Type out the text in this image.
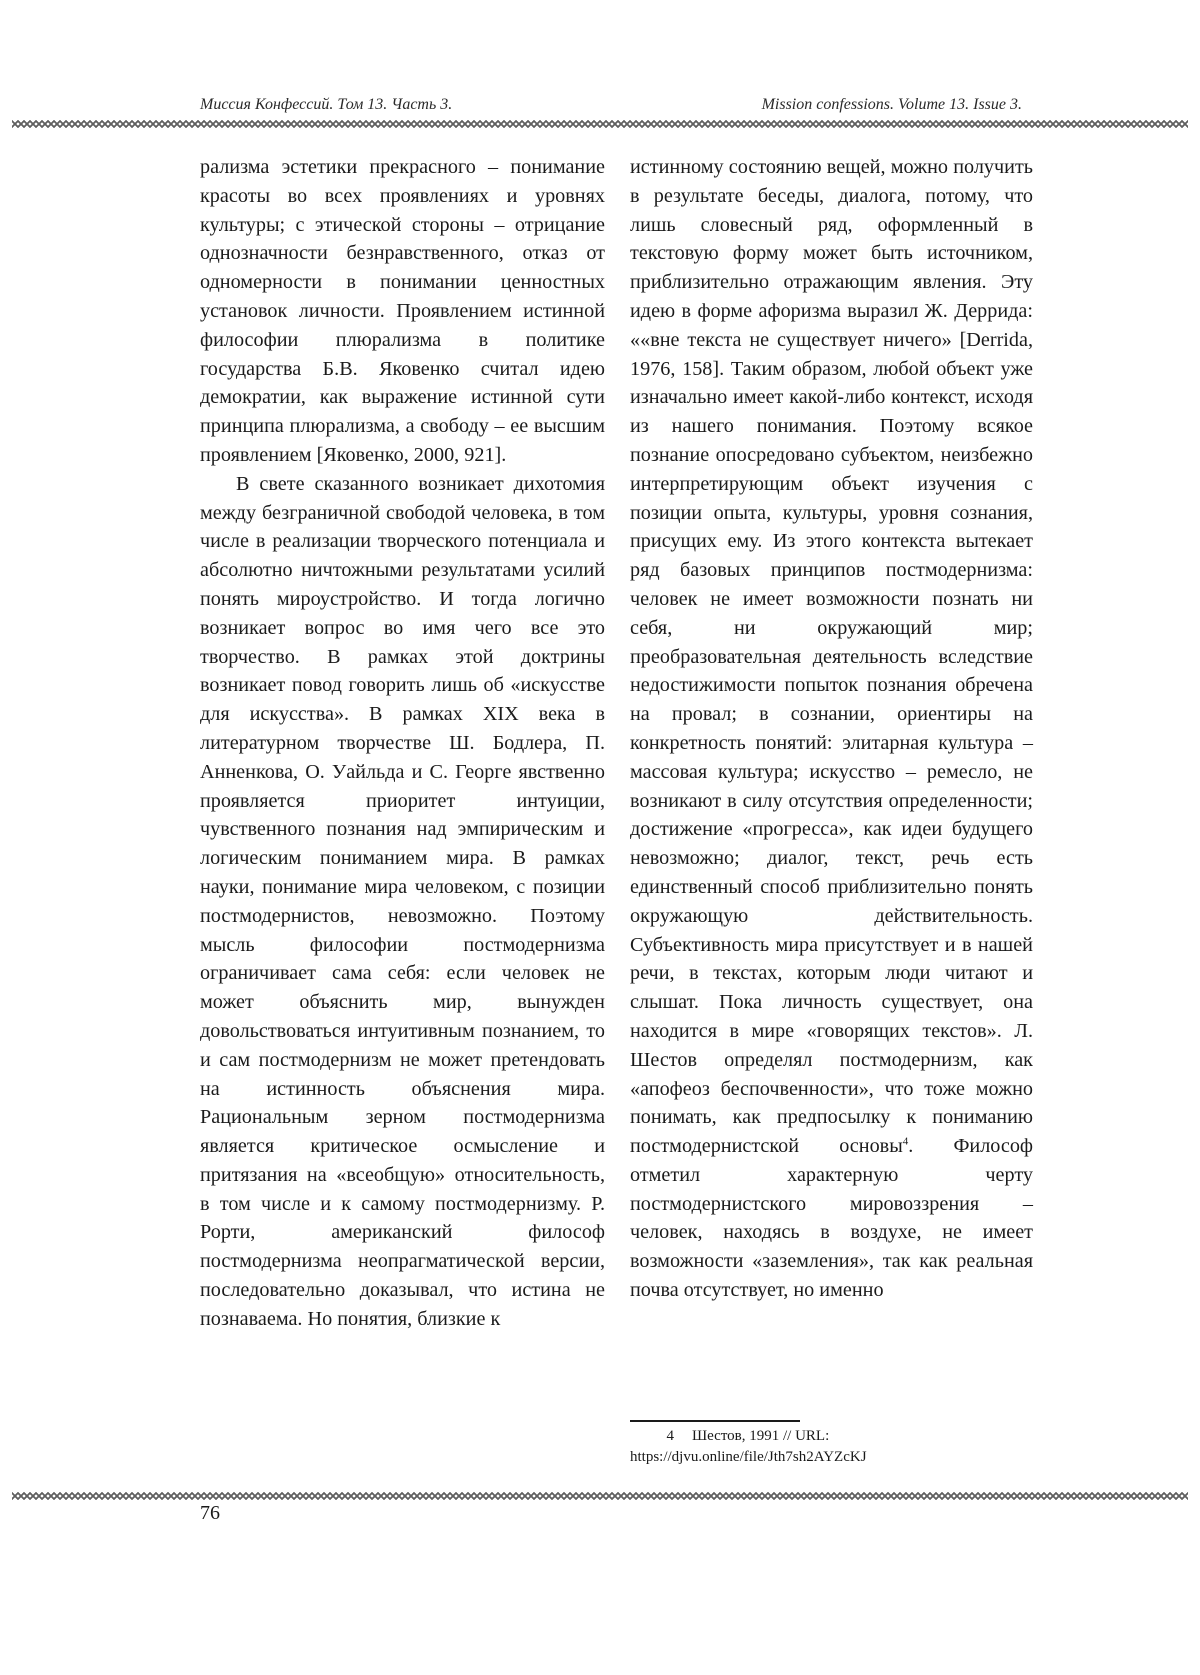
Миссия Конфессий. Том 13. Часть 3.	Mission confessions. Volume 13. Issue 3.

рализма эстетики прекрасного – понимание красоты во всех проявлениях и уровнях культуры; с этической стороны – отрицание однозначности безнравственного, отказ от одномерности в понимании ценностных установок личности. Проявлением истинной философии плюрализма в политике государства Б.В. Яковенко считал идею демократии, как выражение истинной сути принципа плюрализма, а свободу – ее высшим проявлением [Яковенко, 2000, 921].

В свете сказанного возникает дихотомия между безграничной свободой человека, в том числе в реализации творческого потенциала и абсолютно ничтожными результатами усилий понять мироустройство. И тогда логично возникает вопрос во имя чего все это творчество. В рамках этой доктрины возникает повод говорить лишь об «искусстве для искусства». В рамках XIX века в литературном творчестве Ш. Бодлера, П. Анненкова, О. Уайльда и С. Георге явственно проявляется приоритет интуиции, чувственного познания над эмпирическим и логическим пониманием мира. В рамках науки, понимание мира человеком, с позиции постмодернистов, невозможно. Поэтому мысль философии постмодернизма ограничивает сама себя: если человек не может объяснить мир, вынужден довольствоваться интуитивным познанием, то и сам постмодернизм не может претендовать на истинность объяснения мира. Рациональным зерном постмодернизма является критическое осмысление и притязания на «всеобщую» относительность, в том числе и к самому постмодернизму. Р. Рорти, американский философ постмодернизма неопрагматической версии, последовательно доказывал, что истина не познаваема. Но понятия, близкие к

истинному состоянию вещей, можно получить в результате беседы, диалога, потому, что лишь словесный ряд, оформленный в текстовую форму может быть источником, приблизительно отражающим явления. Эту идею в форме афоризма выразил Ж. Деррида: ««вне текста не существует ничего» [Derrida, 1976, 158]. Таким образом, любой объект уже изначально имеет какой-либо контекст, исходя из нашего понимания. Поэтому всякое познание опосредовано субъектом, неизбежно интерпретирующим объект изучения с позиции опыта, культуры, уровня сознания, присущих ему. Из этого контекста вытекает ряд базовых принципов постмодернизма: человек не имеет возможности познать ни себя, ни окружающий мир; преобразовательная деятельность вследствие недостижимости попыток познания обречена на провал; в сознании, ориентиры на конкретность понятий: элитарная культура – массовая культура; искусство – ремесло, не возникают в силу отсутствия определенности; достижение «прогресса», как идеи будущего невозможно; диалог, текст, речь есть единственный способ приблизительно понять окружающую действительность. Субъективность мира присутствует и в нашей речи, в текстах, которым люди читают и слышат. Пока личность существует, она находится в мире «говорящих текстов». Л. Шестов определял постмодернизм, как «апофеоз беспочвенности», что тоже можно понимать, как предпосылку к пониманию постмодернистской основы$^4$. Философ отметил характерную черту постмодернистского мировоззрения – человек, находясь в воздухе, не имеет возможности «заземления», так как реальная почва отсутствует, но именно

4 Шестов, 1991 // URL: https://djvu.online/file/Jth7sh2AYZcKJ
76
